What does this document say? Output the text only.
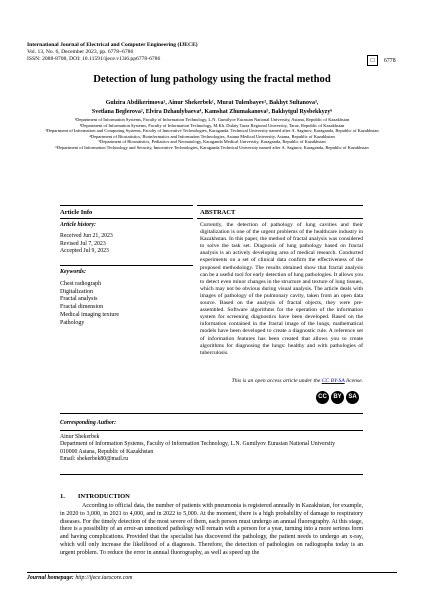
International Journal of Electrical and Computer Engineering (IJECE)
Vol. 13, No. 6, December 2023, pp. 6778~6786
ISSN: 2088-8708, DOI: 10.11591/ijece.v13i6.pp6778-6786	☐	6778
Detection of lung pathology using the fractal method
Gulzira Abdikerimova¹, Ainur Shekerbek¹, Murat Tulenbayev², Bakhyt Sultanova³,
Svetlana Beglerova², Elvira Dzhaulybaeva⁴, Kamshat Zhumakanova⁵, Bakhytgul Rysbekkyzy⁶
¹Department of Information Systems, Faculty of Information Technology, L.N. Gumilyov Eurasian National University, Astana, Republic of Kazakhstan
²Department of Information Systems, Faculty of Information Technology, M.Kh. Dulaty Taraz Regional University, Taraz, Republic of Kazakhstan
³Department of Information and Computing Systems, Faculty of Innovative Technologies, Karaganda. Technical University named after A. Saginov, Karaganda, Republic of Kazakhstan
⁴Department of Biostatistics, Bioinformatics and Information Technologies, Astana Medical University, Astana, Republic of Kazakhstan
⁵Department of Biostatistics, Pediatrics and Neonatology, Karaganda Medical University, Karaganda, Republic of Kazakhstan
⁶Department of Information Technology and Security, Innovative Technologies, Karaganda Technical University named after A. Saginov, Karaganda, Republic of Kazakhstan
Article Info	ABSTRACT
Article history:
Received Jun 21, 2023
Revised Jul 7, 2023
Accepted Jul 9, 2023
Keywords:
Chest radiograph
Digitalization
Fractal analysis
Fractal dimension
Medical imaging texture
Pathology
Currently, the detection of pathology of lung cavities and their digitalization is one of the urgent problems of the healthcare industry in Kazakhstan. In this paper, the method of fractal analysis was considered to solve the task set. Diagnosis of lung pathology based on fractal analysis is an actively developing area of medical research. Conducted experiments on a set of clinical data confirm the effectiveness of the proposed methodology. The results obtained show that fractal analysis can be a useful tool for early detection of lung pathologies. It allows you to detect even minor changes in the structure and texture of lung tissues, which may not be obvious during visual analysis. The article deals with images of pathology of the pulmonary cavity, taken from an open data source. Based on the analysis of fractal objects, they were pre-assembled. Software algorithms for the operation of the information system for screening diagnostics have been developed. Based on the information contained in the fractal image of the lungs, mathematical models have been developed to create a diagnostic rule. A reference set of information features has been created that allows you to create algorithms for diagnosing the lungs: healthy and with pathologies of tuberculosis.
This is an open access article under the CC BY-SA license.
CC	BY	SA
Corresponding Author:
Ainur Shekerbek
Department of Information Systems, Faculty of Information Technology, L.N. Gumilyov Eurasian National University
010000 Astana, Republic of Kazakhstan
Email: shekerbek80@mail.ru
1.  INTRODUCTION
According to official data, the number of patients with pneumonia is registered annually in Kazakhstan, for example, in 2020 to 3,000, in 2021 to 4,000, and in 2022 to 5,000. At the moment, there is a high probability of damage to respiratory diseases. For the timely detection of the most severe of them, each person must undergo an annual fluorography. At this stage, there is a possibility of an error-an unnoticed pathology will remain with a person for a year, turning into a more serious form and having complications. Provided that the specialist has discovered the pathology, the patient needs to undergo an x-ray, which will only increase the likelihood of a diagnosis. Therefore, the detection of pathologies on radiographs today is an urgent problem. To reduce the error in annual fluorography, as well as speed up the
Journal homepage: http://ijece.iaescore.com
